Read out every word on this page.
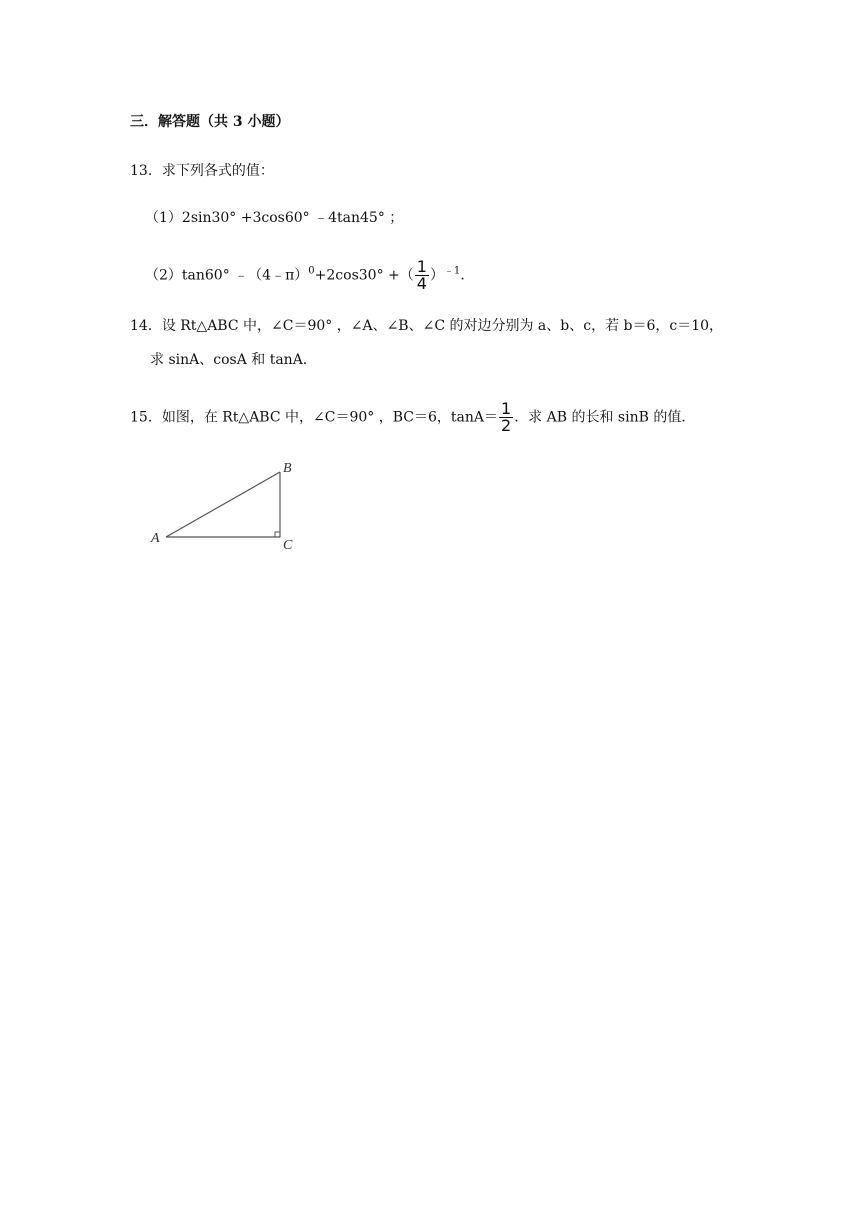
三．解答题（共 3 小题）
13．求下列各式的值：
（1）2sin30° +3cos60° ﹣4tan45° ；
（2）tan60° ﹣（4﹣π）$^0$+2cos30° +（ $\frac{1}{4} )^{﹣1}$.
14．设 Rt△ABC 中，∠C＝90° ，∠A、∠B、∠C 的对边分别为 a、b、c，若 b＝6，c＝10，
求 sinA、cosA 和 tanA．
15．如图，在 Rt△ABC 中，∠C＝90° ，BC＝6，$\tan A= \frac{1}{2}$ ．求 AB 的长和 sinB 的值．
A
B
C
